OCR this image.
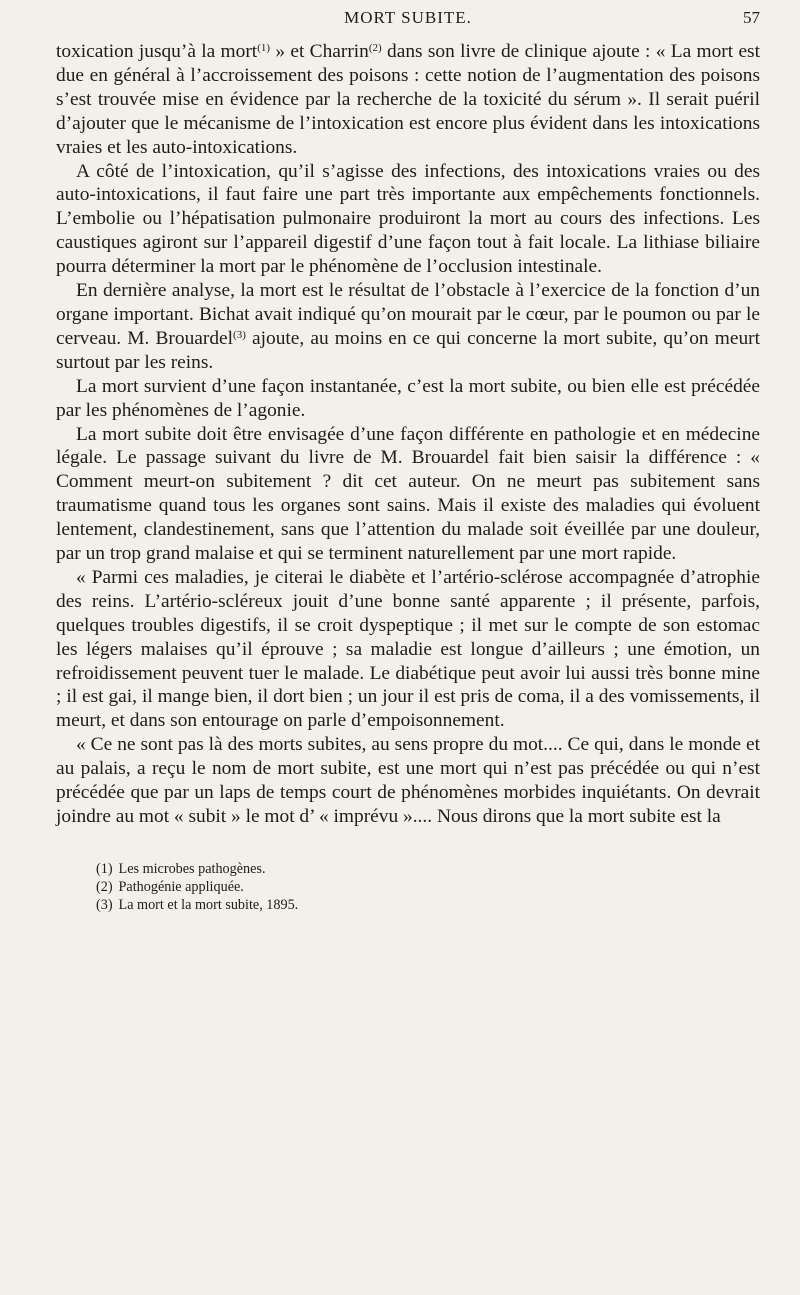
MORT SUBITE.	57

toxication jusqu’à la mort$^{(1)}$ » et Charrin$^{(2)}$ dans son livre de clinique ajoute : « La mort est due en général à l’accroissement des poisons : cette notion de l’augmentation des poisons s’est trouvée mise en évidence par la recherche de la toxicité du sérum ». Il serait puéril d’ajouter que le mécanisme de l’intoxication est encore plus évident dans les intoxications vraies et les auto-intoxications.

A côté de l’intoxication, qu’il s’agisse des infections, des intoxications vraies ou des auto-intoxications, il faut faire une part très importante aux empêchements fonctionnels. L’embolie ou l’hépatisation pulmonaire produiront la mort au cours des infections. Les caustiques agiront sur l’appareil digestif d’une façon tout à fait locale. La lithiase biliaire pourra déterminer la mort par le phénomène de l’occlusion intestinale.

En dernière analyse, la mort est le résultat de l’obstacle à l’exercice de la fonction d’un organe important. Bichat avait indiqué qu’on mourait par le cœur, par le poumon ou par le cerveau. M. Brouardel$^{(3)}$ ajoute, au moins en ce qui concerne la mort subite, qu’on meurt surtout par les reins.

La mort survient d’une façon instantanée, c’est la mort subite, ou bien elle est précédée par les phénomènes de l’agonie.

La mort subite doit être envisagée d’une façon différente en pathologie et en médecine légale. Le passage suivant du livre de M. Brouardel fait bien saisir la différence : « Comment meurt-on subitement ? dit cet auteur. On ne meurt pas subitement sans traumatisme quand tous les organes sont sains. Mais il existe des maladies qui évoluent lentement, clandestinement, sans que l’attention du malade soit éveillée par une douleur, par un trop grand malaise et qui se terminent naturellement par une mort rapide.

« Parmi ces maladies, je citerai le diabète et l’artério-sclérose accompagnée d’atrophie des reins. L’artério-scléreux jouit d’une bonne santé apparente ; il présente, parfois, quelques troubles digestifs, il se croit dyspeptique ; il met sur le compte de son estomac les légers malaises qu’il éprouve ; sa maladie est longue d’ailleurs ; une émotion, un refroidissement peuvent tuer le malade. Le diabétique peut avoir lui aussi très bonne mine ; il est gai, il mange bien, il dort bien ; un jour il est pris de coma, il a des vomissements, il meurt, et dans son entourage on parle d’empoisonnement.

« Ce ne sont pas là des morts subites, au sens propre du mot.... Ce qui, dans le monde et au palais, a reçu le nom de mort subite, est une mort qui n’est pas précédée ou qui n’est précédée que par un laps de temps court de phénomènes morbides inquiétants. On devrait joindre au mot « subit » le mot d’ « imprévu ».... Nous dirons que la mort subite est la

(1) Les microbes pathogènes.
(2) Pathogénie appliquée.
(3) La mort et la mort subite, 1895.
